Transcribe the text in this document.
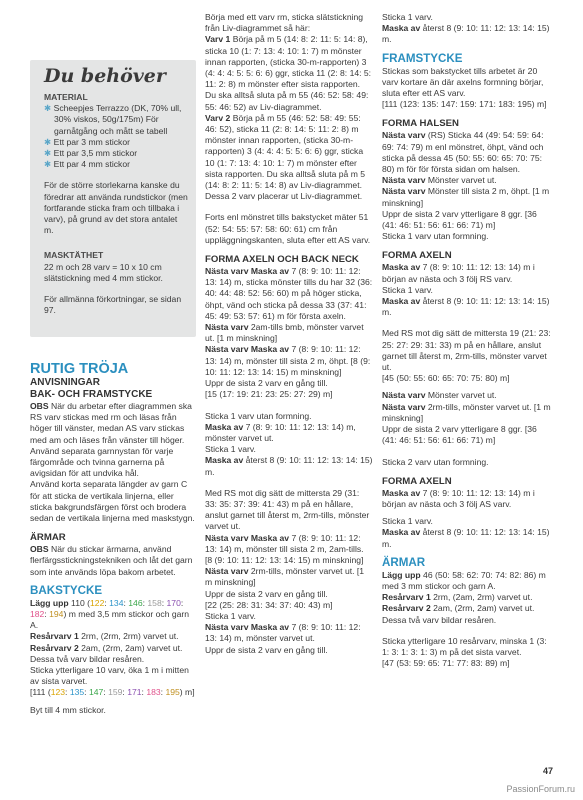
Du behöver
MATERIAL
✱ Scheepjes Terrazzo (DK, 70% ull, 30% viskos, 50g/175m) För garnåtgång och mått se tabell
✱ Ett par 3 mm stickor
✱ Ett par 3,5 mm stickor
✱ Ett par 4 mm stickor

För de större storlekarna kanske du föredrar att använda rundstickor (men fortfarande sticka fram och tillbaka i varv), på grund av det stora antalet m.

MASKTÄTHET

22 m och 28 varv = 10 x 10 cm slätstickning med 4 mm stickor.

För allmänna förkortningar, se sidan 97.

RUTIG TRÖJA
ANVISNINGAR
BAK- OCH FRAMSTYCKE

OBS När du arbetar efter diagrammen ska RS varv stickas med rm och läsas från höger till vänster, medan AS varv stickas med am och läses från vänster till höger.

Använd separata garnnystan för varje färgområde och tvinna garnerna på avigsidan för att undvika hål.

Använd korta separata längder av garn C för att sticka de vertikala linjerna, eller sticka bakgrundsfärgen först och brodera sedan de vertikala linjerna med maskstygn.

ÄRMAR

OBS När du stickar ärmarna, använd flerfärgsstickningstekniken och låt det garn som inte används löpa bakom arbetet.

BAKSTYCKE

Lägg upp 110 (122: 134: 146: 158: 170: 182: 194) m med 3,5 mm stickor och garn A.

Resårvarv 1 2rm, (2rm, 2rm) varvet ut.

Resårvarv 2 2am, (2rm, 2am) varvet ut.

Dessa två varv bildar resåren.

Sticka ytterligare 10 varv, öka 1 m i mitten av sista varvet.

[111 (123: 135: 147: 159: 171: 183: 195) m]

Byt till 4 mm stickor.

Börja med ett varv rm, sticka slätstickning från Liv-diagrammet så här:

Varv 1 Börja på m 5 (14: 8: 2: 11: 5: 14: 8), sticka 10 (1: 7: 13: 4: 10: 1: 7) m mönster innan rapporten, (sticka 30-m-rapporten) 3 (4: 4: 4: 5: 5: 6: 6) ggr, sticka 11 (2: 8: 14: 5: 11: 2: 8) m mönster efter sista rapporten. Du ska alltså sluta på m 55 (46: 52: 58: 49: 55: 46: 52) av Liv-diagrammet.

Varv 2 Börja på m 55 (46: 52: 58: 49: 55: 46: 52), sticka 11 (2: 8: 14: 5: 11: 2: 8) m mönster innan rapporten, (sticka 30-m-rapporten) 3 (4: 4: 4: 5: 5: 6: 6) ggr, sticka 10 (1: 7: 13: 4: 10: 1: 7) m mönster efter sista rapporten. Du ska alltså sluta på m 5 (14: 8: 2: 11: 5: 14: 8) av Liv-diagrammet.

Dessa 2 varv placerar ut Liv-diagrammet.

Forts enl mönstret tills bakstycket mäter 51 (52: 54: 55: 57: 58: 60: 61) cm från uppläggningskanten, sluta efter ett AS varv.

FORMA AXELN OCH BACK NECK

Nästa varv Maska av 7 (8: 9: 10: 11: 12: 13: 14) m, sticka mönster tills du har 32 (36: 40: 44: 48: 52: 56: 60) m på höger sticka, öhpt, vänd och sticka på dessa 33 (37: 41: 45: 49: 53: 57: 61) m för första axeln.

Nästa varv 2am-tills bmb, mönster varvet ut. [1 m minskning]

Nästa varv Maska av 7 (8: 9: 10: 11: 12: 13: 14) m, mönster till sista 2 m, öhpt. [8 (9: 10: 11: 12: 13: 14: 15) m minskning]

Uppr de sista 2 varv en gång till.

[15 (17: 19: 21: 23: 25: 27: 29) m]

Sticka 1 varv utan formning.

Maska av 7 (8: 9: 10: 11: 12: 13: 14) m, mönster varvet ut.

Sticka 1 varv.

Maska av återst 8 (9: 10: 11: 12: 13: 14: 15) m.

Med RS mot dig sätt de mittersta 29 (31: 33: 35: 37: 39: 41: 43) m på en hållare, anslut garnet till återst m, 2rm-tills, mönster varvet ut.

Nästa varv Maska av 7 (8: 9: 10: 11: 12: 13: 14) m, mönster till sista 2 m, 2am-tills. [8 (9: 10: 11: 12: 13: 14: 15) m minskning]

Nästa varv 2rm-tills, mönster varvet ut. [1 m minskning]

Uppr de sista 2 varv en gång till.

[22 (25: 28: 31: 34: 37: 40: 43) m]

Sticka 1 varv.

Nästa varv Maska av 7 (8: 9: 10: 11: 12: 13: 14) m, mönster varvet ut.

Uppr de sista 2 varv en gång till.

Sticka 1 varv.

Maska av återst 8 (9: 10: 11: 12: 13: 14: 15) m.

FRAMSTYCKE

Stickas som bakstycket tills arbetet är 20 varv kortare än där axelns formning börjar, sluta efter ett AS varv.

[111 (123: 135: 147: 159: 171: 183: 195) m]

FORMA HALSEN

Nästa varv (RS) Sticka 44 (49: 54: 59: 64: 69: 74: 79) m enl mönstret, öhpt, vänd och sticka på dessa 45 (50: 55: 60: 65: 70: 75: 80) m för för första sidan om halsen.

Nästa varv Mönster varvet ut.

Nästa varv Mönster till sista 2 m, öhpt. [1 m minskning]

Uppr de sista 2 varv ytterligare 8 ggr. [36 (41: 46: 51: 56: 61: 66: 71) m]

Sticka 1 varv utan formning.

FORMA AXELN

Maska av 7 (8: 9: 10: 11: 12: 13: 14) m i början av nästa och 3 följ RS varv.

Sticka 1 varv.

Maska av återst 8 (9: 10: 11: 12: 13: 14: 15) m.

Med RS mot dig sätt de mittersta 19 (21: 23: 25: 27: 29: 31: 33) m på en hållare, anslut garnet till återst m, 2rm-tills, mönster varvet ut.

[45 (50: 55: 60: 65: 70: 75: 80) m]

Nästa varv Mönster varvet ut.

Nästa varv 2rm-tills, mönster varvet ut. [1 m minskning]

Uppr de sista 2 varv ytterligare 8 ggr. [36 (41: 46: 51: 56: 61: 66: 71) m]

Sticka 2 varv utan formning.

FORMA AXELN

Maska av 7 (8: 9: 10: 11: 12: 13: 14) m i början av nästa och 3 följ AS varv.

Sticka 1 varv.

Maska av återst 8 (9: 10: 11: 12: 13: 14: 15) m.

ÄRMAR

Lägg upp 46 (50: 58: 62: 70: 74: 82: 86) m med 3 mm stickor och garn A.

Resårvarv 1 2rm, (2am, 2rm) varvet ut.

Resårvarv 2 2am, (2rm, 2am) varvet ut.

Dessa två varv bildar resåren.

Sticka ytterligare 10 resårvarv, minska 1 (3: 1: 3: 1: 3: 1: 3) m på det sista varvet.

[47 (53: 59: 65: 71: 77: 83: 89) m]

47
PassionForum.ru
